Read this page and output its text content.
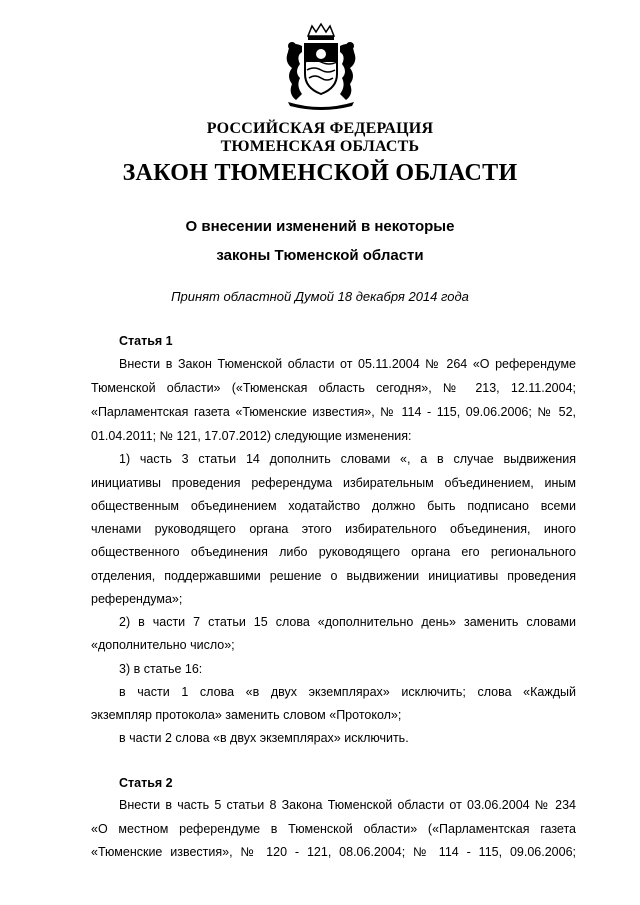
РОССИЙСКАЯ ФЕДЕРАЦИЯ
ТЮМЕНСКАЯ ОБЛАСТЬ
ЗАКОН ТЮМЕНСКОЙ ОБЛАСТИ
О внесении изменений в некоторые
законы Тюменской области
Принят областной Думой 18 декабря 2014 года
Статья 1
Внести в Закон Тюменской области от 05.11.2004 № 264 «О референдуме
Тюменской области» («Тюменская область сегодня», № 213, 12.11.2004;
«Парламентская газета «Тюменские известия», № 114 - 115, 09.06.2006; № 52,
01.04.2011; № 121, 17.07.2012) следующие изменения:
1) часть 3 статьи 14 дополнить словами «, а в случае выдвижения
инициативы проведения референдума избирательным объединением, иным
общественным объединением ходатайство должно быть подписано всеми
членами руководящего органа этого избирательного объединения, иного
общественного объединения либо руководящего органа его регионального
отделения, поддержавшими решение о выдвижении инициативы проведения
референдума»;
2) в части 7 статьи 15 слова «дополнительно день» заменить словами
«дополнительно число»;
3) в статье 16:
в части 1 слова «в двух экземплярах» исключить; слова «Каждый
экземпляр протокола» заменить словом «Протокол»;
в части 2 слова «в двух экземплярах» исключить.
Статья 2
Внести в часть 5 статьи 8 Закона Тюменской области от 03.06.2004 № 234
«О местном референдуме в Тюменской области» («Парламентская газета
«Тюменские известия», № 120 - 121, 08.06.2004; № 114 - 115, 09.06.2006;
